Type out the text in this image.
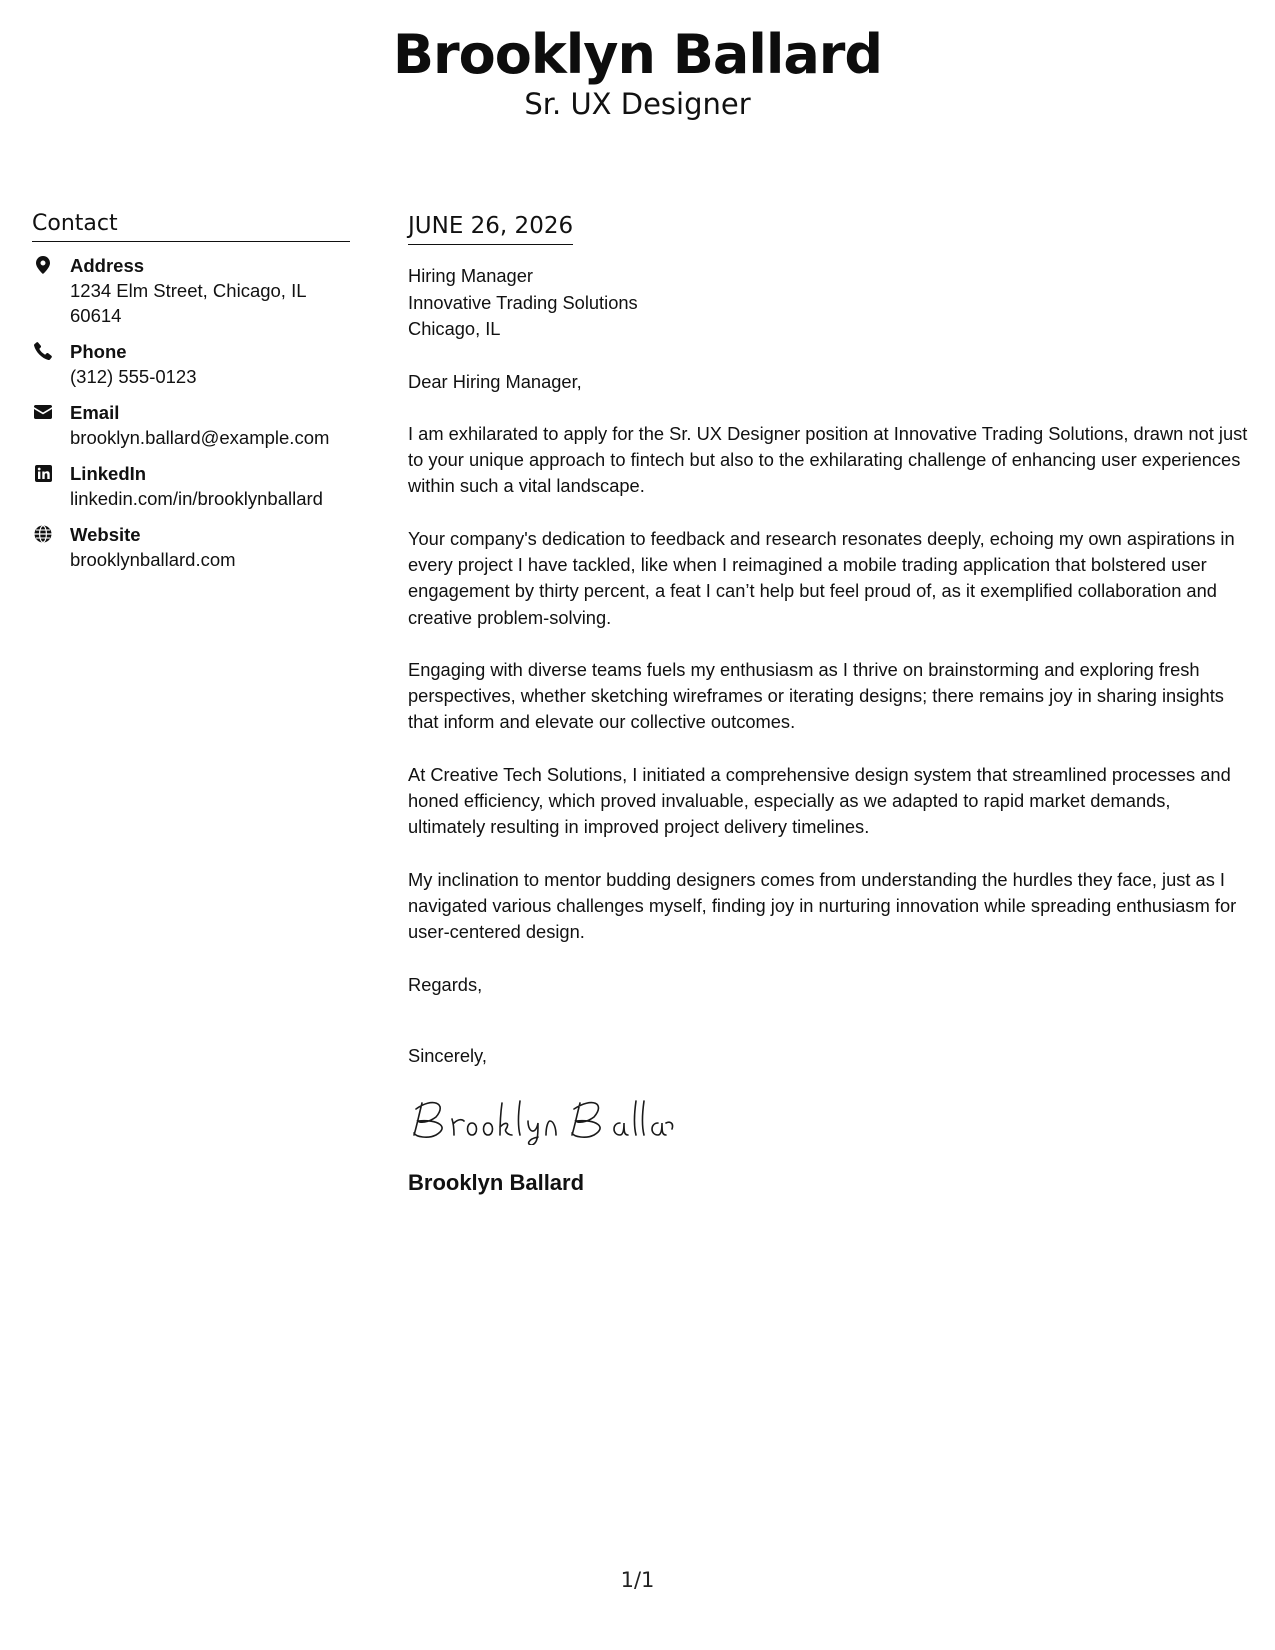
Brooklyn Ballard
Sr. UX Designer
Contact
Address
1234 Elm Street, Chicago, IL 60614
Phone
(312) 555-0123
Email
brooklyn.ballard@example.com
LinkedIn
linkedin.com/in/brooklynballard
Website
brooklynballard.com
JUNE 26, 2026
Hiring Manager
Innovative Trading Solutions
Chicago, IL

Dear Hiring Manager,

I am exhilarated to apply for the Sr. UX Designer position at Innovative Trading Solutions, drawn not just to your unique approach to fintech but also to the exhilarating challenge of enhancing user experiences within such a vital landscape.

Your company's dedication to feedback and research resonates deeply, echoing my own aspirations in every project I have tackled, like when I reimagined a mobile trading application that bolstered user engagement by thirty percent, a feat I can’t help but feel proud of, as it exemplified collaboration and creative problem-solving.

Engaging with diverse teams fuels my enthusiasm as I thrive on brainstorming and exploring fresh perspectives, whether sketching wireframes or iterating designs; there remains joy in sharing insights that inform and elevate our collective outcomes.

At Creative Tech Solutions, I initiated a comprehensive design system that streamlined processes and honed efficiency, which proved invaluable, especially as we adapted to rapid market demands, ultimately resulting in improved project delivery timelines.

My inclination to mentor budding designers comes from understanding the hurdles they face, just as I navigated various challenges myself, finding joy in nurturing innovation while spreading enthusiasm for user-centered design.

Regards,

Sincerely,

Brooklyn Ballard
1/1
